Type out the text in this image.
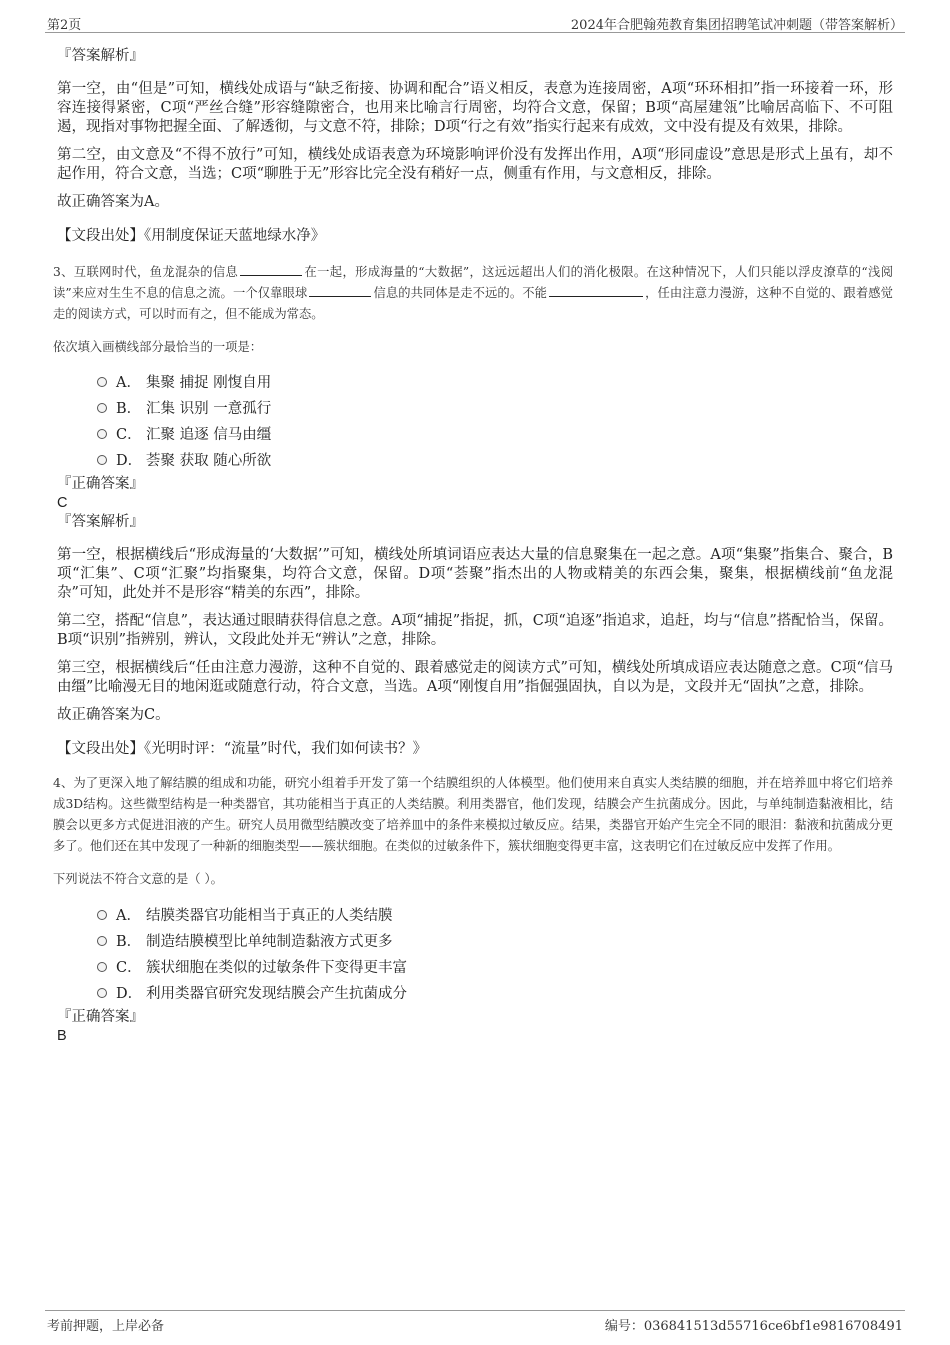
第2页	2024年合肥翰苑教育集团招聘笔试冲刺题（带答案解析）

『答案解析』

第一空，由“但是”可知，横线处成语与“缺乏衔接、协调和配合”语义相反，表意为连接周密，A项“环环相扣”指一环接着一环，形容连接得紧密，C项“严丝合缝”形容缝隙密合，也用来比喻言行周密，均符合文意，保留；B项“高屋建瓴”比喻居高临下、不可阻遏，现指对事物把握全面、了解透彻，与文意不符，排除；D项“行之有效”指实行起来有成效，文中没有提及有效果，排除。

第二空，由文意及“不得不放行”可知，横线处成语表意为环境影响评价没有发挥出作用，A项“形同虚设”意思是形式上虽有，却不起作用，符合文意，当选；C项“聊胜于无”形容比完全没有稍好一点，侧重有作用，与文意相反，排除。

故正确答案为A。

【文段出处】《用制度保证天蓝地绿水净》

3、互联网时代，鱼龙混杂的信息	在一起，形成海量的“大数据”，这远远超出人们的消化极限。在这种情况下，人们只能以浮皮潦草的“浅阅读”来应对生生不息的信息之流。一个仅靠眼球	信息的共同体是走不远的。不能	，任由注意力漫游，这种不自觉的、跟着感觉走的阅读方式，可以时而有之，但不能成为常态。

依次填入画横线部分最恰当的一项是：

A． 集聚 捕捉 刚愎自用
B． 汇集 识别 一意孤行
C． 汇聚 追逐 信马由缰
D． 荟聚 获取 随心所欲

『正确答案』

C

『答案解析』

第一空，根据横线后“形成海量的‘大数据’”可知，横线处所填词语应表达大量的信息聚集在一起之意。A项“集聚”指集合、聚合，B项“汇集”、C项“汇聚”均指聚集，均符合文意，保留。D项“荟聚”指杰出的人物或精美的东西会集，聚集，根据横线前“鱼龙混杂”可知，此处并不是形容“精美的东西”，排除。

第二空，搭配“信息”，表达通过眼睛获得信息之意。A项“捕捉”指捉，抓，C项“追逐”指追求，追赶，均与“信息”搭配恰当，保留。B项“识别”指辨别，辨认，文段此处并无“辨认”之意，排除。

第三空，根据横线后“任由注意力漫游，这种不自觉的、跟着感觉走的阅读方式”可知，横线处所填成语应表达随意之意。C项“信马由缰”比喻漫无目的地闲逛或随意行动，符合文意，当选。A项“刚愎自用”指倔强固执，自以为是，文段并无“固执”之意，排除。

故正确答案为C。

【文段出处】《光明时评：“流量”时代，我们如何读书？》

4、为了更深入地了解结膜的组成和功能，研究小组着手开发了第一个结膜组织的人体模型。他们使用来自真实人类结膜的细胞，并在培养皿中将它们培养成3D结构。这些微型结构是一种类器官，其功能相当于真正的人类结膜。利用类器官，他们发现，结膜会产生抗菌成分。因此，与单纯制造黏液相比，结膜会以更多方式促进泪液的产生。研究人员用微型结膜改变了培养皿中的条件来模拟过敏反应。结果，类器官开始产生完全不同的眼泪：黏液和抗菌成分更多了。他们还在其中发现了一种新的细胞类型——簇状细胞。在类似的过敏条件下，簇状细胞变得更丰富，这表明它们在过敏反应中发挥了作用。

下列说法不符合文意的是（ ）。

A． 结膜类器官功能相当于真正的人类结膜
B． 制造结膜模型比单纯制造黏液方式更多
C． 簇状细胞在类似的过敏条件下变得更丰富
D． 利用类器官研究发现结膜会产生抗菌成分

『正确答案』

B

考前押题，上岸必备	编号：036841513d55716ce6bf1e9816708491
